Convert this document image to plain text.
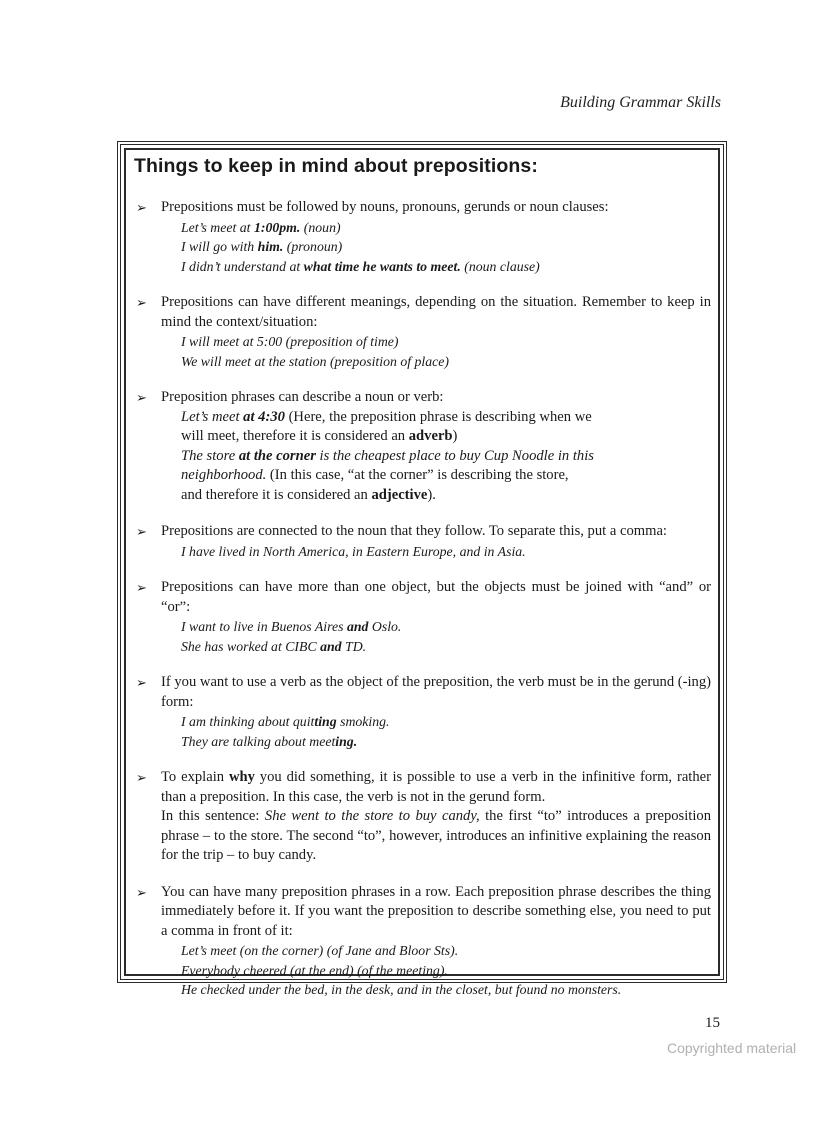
Building Grammar Skills
Things to keep in mind about prepositions:
➢ Prepositions must be followed by nouns, pronouns, gerunds or noun clauses:

Let’s meet at 1:00pm. (noun)
I will go with him. (pronoun)
I didn’t understand at what time he wants to meet. (noun clause)
➢ Prepositions can have different meanings, depending on the situation. Remember to keep in mind the context/situation:

I will meet at 5:00 (preposition of time)
We will meet at the station (preposition of place)
➢ Preposition phrases can describe a noun or verb:

Let’s meet at 4:30 (Here, the preposition phrase is describing when we
will meet, therefore it is considered an adverb)
The store at the corner is the cheapest place to buy Cup Noodle in this
neighborhood. (In this case, “at the corner” is describing the store,
and therefore it is considered an adjective).
➢ Prepositions are connected to the noun that they follow. To separate this, put a comma:

I have lived in North America, in Eastern Europe, and in Asia.
➢ Prepositions can have more than one object, but the objects must be joined with “and” or “or”:

I want to live in Buenos Aires and Oslo.
She has worked at CIBC and TD.
➢ If you want to use a verb as the object of the preposition, the verb must be in the gerund (-ing) form:

I am thinking about quitting smoking.
They are talking about meeting.
➢ To explain why you did something, it is possible to use a verb in the infinitive form, rather than a preposition. In this case, the verb is not in the gerund form.

In this sentence: She went to the store to buy candy, the first “to” introduces a preposition phrase – to the store. The second “to”, however, introduces an infinitive explaining the reason for the trip – to buy candy.

➢ You can have many preposition phrases in a row. Each preposition phrase describes the thing immediately before it. If you want the preposition to describe something else, you need to put a comma in front of it:

Let’s meet (on the corner) (of Jane and Bloor Sts).
Everybody cheered (at the end) (of the meeting).
He checked under the bed, in the desk, and in the closet, but found no monsters.
15
Copyrighted material
